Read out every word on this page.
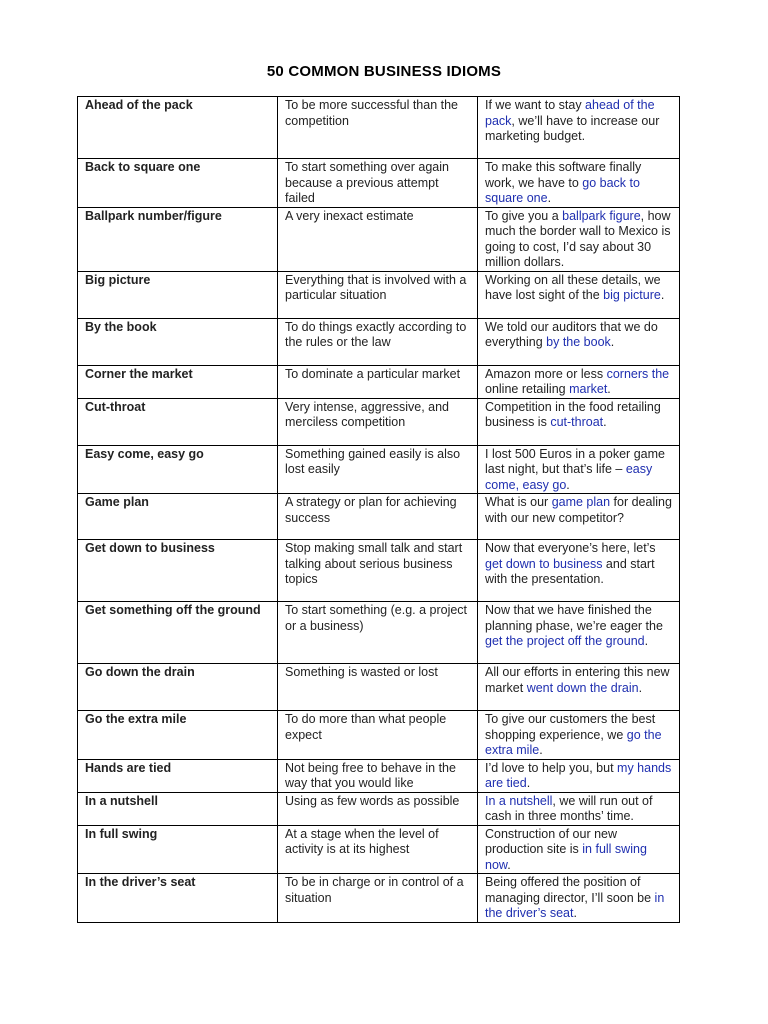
50 COMMON BUSINESS IDIOMS
Ahead of the pack	To be more successful than the competition	If we want to stay ahead of the pack, we’ll have to increase our marketing budget.
Back to square one	To start something over again because a previous attempt failed	To make this software finally work, we have to go back to square one.
Ballpark number/figure	A very inexact estimate	To give you a ballpark figure, how much the border wall to Mexico is going to cost, I’d say about 30 million dollars.
Big picture	Everything that is involved with a particular situation	Working on all these details, we have lost sight of the big picture.
By the book	To do things exactly according to the rules or the law	We told our auditors that we do everything by the book.
Corner the market	To dominate a particular market	Amazon more or less corners the online retailing market.
Cut-throat	Very intense, aggressive, and merciless competition	Competition in the food retailing business is cut-throat.
Easy come, easy go	Something gained easily is also lost easily	I lost 500 Euros in a poker game last night, but that’s life – easy come, easy go.
Game plan	A strategy or plan for achieving success	What is our game plan for dealing with our new competitor?
Get down to business	Stop making small talk and start talking about serious business topics	Now that everyone’s here, let’s get down to business and start with the presentation.
Get something off the ground	To start something (e.g. a project or a business)	Now that we have finished the planning phase, we’re eager the get the project off the ground.
Go down the drain	Something is wasted or lost	All our efforts in entering this new market went down the drain.
Go the extra mile	To do more than what people expect	To give our customers the best shopping experience, we go the extra mile.
Hands are tied	Not being free to behave in the way that you would like	I’d love to help you, but my hands are tied.
In a nutshell	Using as few words as possible	In a nutshell, we will run out of cash in three months’ time.
In full swing	At a stage when the level of activity is at its highest	Construction of our new production site is in full swing now.
In the driver’s seat	To be in charge or in control of a situation	Being offered the position of managing director, I’ll soon be in the driver’s seat.
